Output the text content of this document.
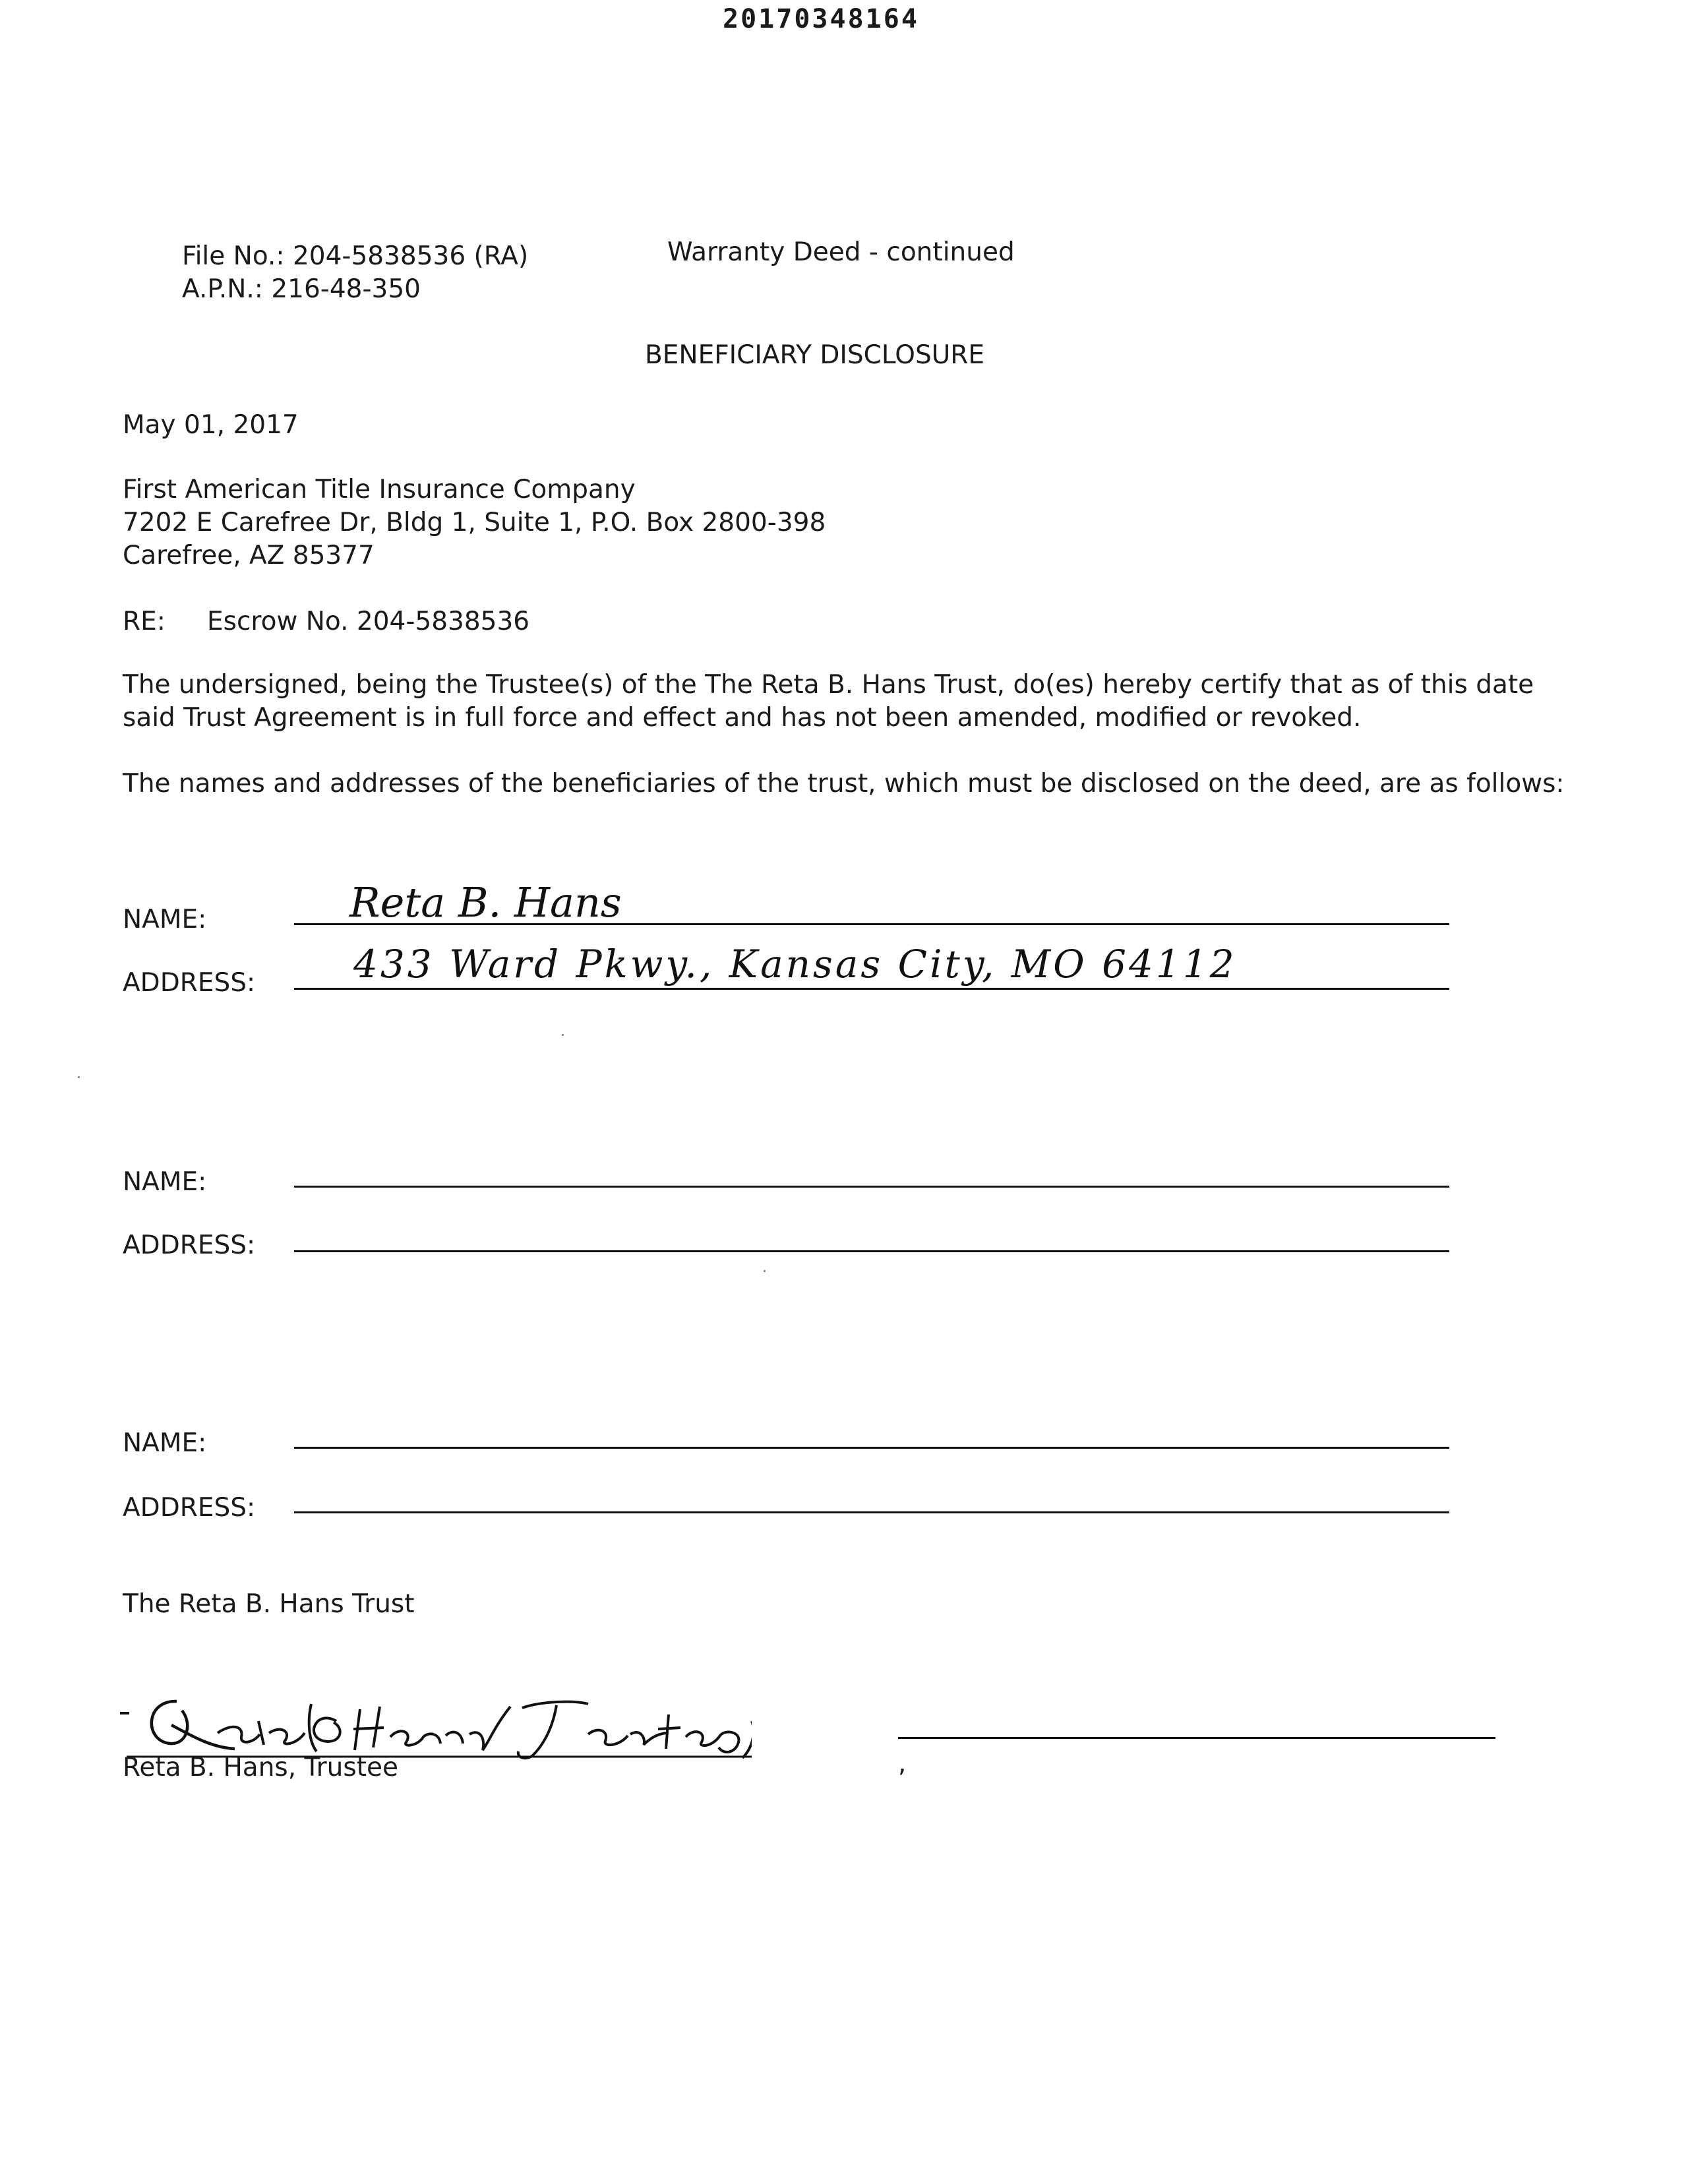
20170348164
File No.: 204-5838536 (RA)
A.P.N.: 216-48-350
Warranty Deed - continued
BENEFICIARY DISCLOSURE
May 01, 2017
First American Title Insurance Company
7202 E Carefree Dr, Bldg 1, Suite 1, P.O. Box 2800-398
Carefree, AZ 85377
RE: Escrow No. 204-5838536
The undersigned, being the Trustee(s) of the The Reta B. Hans Trust, do(es) hereby certify that as of this date
said Trust Agreement is in full force and effect and has not been amended, modified or revoked.
The names and addresses of the beneficiaries of the trust, which must be disclosed on the deed, are as follows:
NAME:	Reta B. Hans
ADDRESS:	433 Ward Pkwy., Kansas City, MO 64112
NAME:
ADDRESS:
NAME:
ADDRESS:
The Reta B. Hans Trust
Reta B. Hans, Trustee	,
